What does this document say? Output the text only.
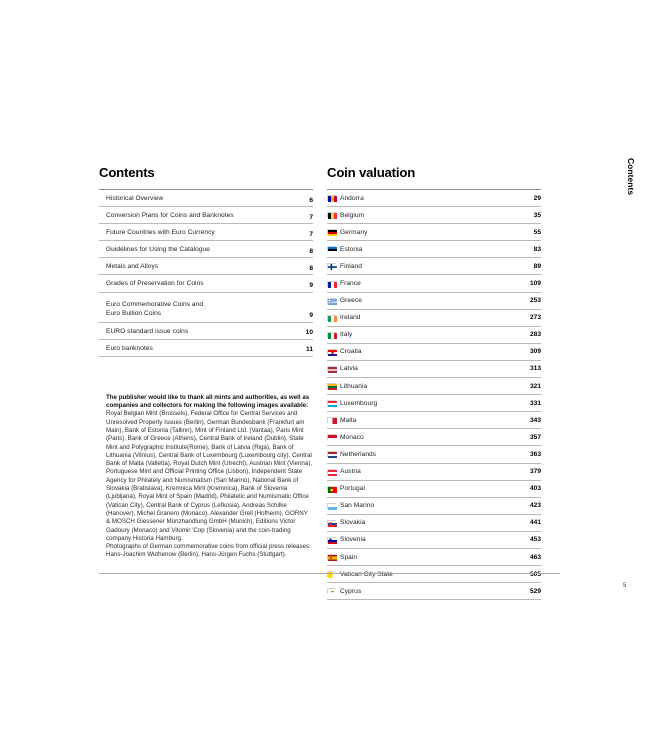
Contents	Coin valuation
Historical Overview	6
Conversion Plans for Coins and Banknotes	7
Future Countries with Euro Currency	7
Guidelines for Using the Catalogue	8
Metals and Alloys	8
Grades of Preservation for Coins	9
Euro Commemorative Coins and
Euro Bullion Coins	9
EURO standard issue coins	10
Euro banknotes	11

The publisher would like to thank all mints and authorities, as well as companies and collectors for making the following images available:

Royal Belgian Mint (Brussels), Federal Office for Central Services and Unresolved Property Issues (Berlin), German Bundesbank (Frankfurt am Main), Bank of Estonia (Tallinn), Mint of Finland Ltd. (Vantaa), Paris Mint (Paris), Bank of Greece (Athens), Central Bank of Ireland (Dublin), State Mint and Polygraphic Institute(Rome), Bank of Latvia (Riga), Bank of Lithuania (Vilnius), Central Bank of Luxembourg (Luxembourg city), Central Bank of Malta (Valletta), Royal Dutch Mint (Utrecht), Austrian Mint (Vienna), Portuguese Mint and Official Printing Office (Lisbon), Independent State Agency for Philately and Numismatism (San Marino), National Bank of Slovakia (Bratislava), Kremnica Mint (Kremnica), Bank of Slovenia (Ljubljana), Royal Mint of Spain (Madrid), Philatelic and Numismatic Office (Vatican City), Central Bank of Cyprus (Lefkosia), Andreas Schilke (Hanover), Michel Granero (Monaco), Alexander Grell (Hofheim), GORNY & MOSCH Giessener Münzhandlung GmbH (Munich), Editions Victor Gadoury (Monaco) and Vitomir 'Cop (Slovenia) and the coin-trading company Historia Hamburg.

Photographs of German commemorative coins from official press releases: Hans-Joachim Wuthenow (Berlin), Hans-Jürgen Fuchs (Stuttgart).

Andorra	29
Belgium	35
Germany	55
Estonia	83
Finland	89
France	109
Greece	253
Ireland	273
Italy	283
Croatia	309
Latvia	313
Lithuania	321
Luxembourg	331
Malta	343
Monaco	357
Netherlands	363
Austria	379
Portugal	403
San Marino	423
Slovakia	441
Slovenia	453
Spain	463
Vatican City State	505
Cyprus	529
Contents
5
